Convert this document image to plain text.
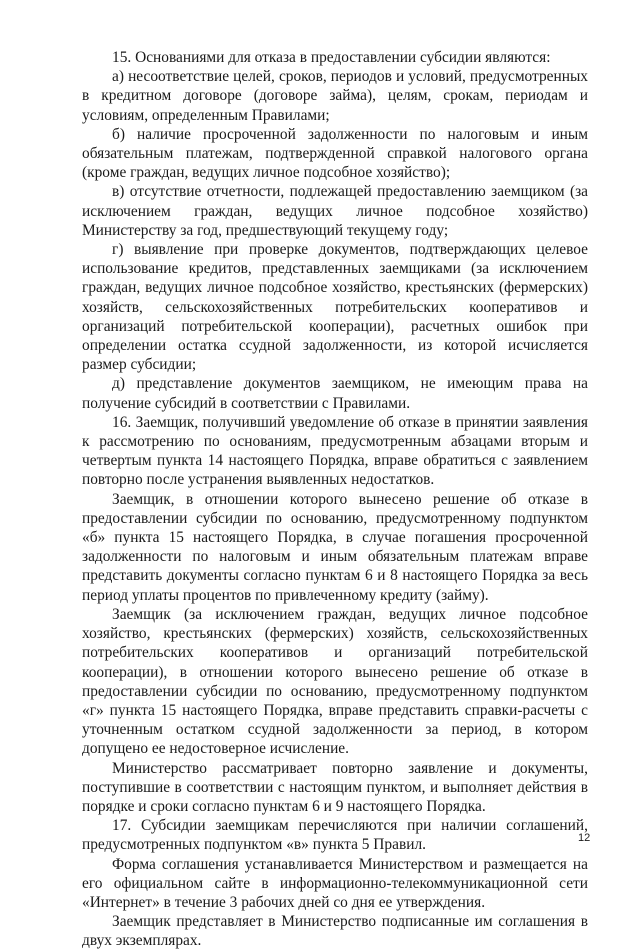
15. Основаниями для отказа в предоставлении субсидии являются:

а) несоответствие целей, сроков, периодов и условий, предусмотренных в кредитном договоре (договоре займа), целям, срокам, периодам и условиям, определенным Правилами;

б) наличие просроченной задолженности по налоговым и иным обязательным платежам, подтвержденной справкой налогового органа (кроме граждан, ведущих личное подсобное хозяйство);

в) отсутствие отчетности, подлежащей предоставлению заемщиком (за исключением граждан, ведущих личное подсобное хозяйство) Министерству за год, предшествующий текущему году;

г) выявление при проверке документов, подтверждающих целевое использование кредитов, представленных заемщиками (за исключением граждан, ведущих личное подсобное хозяйство, крестьянских (фермерских) хозяйств, сельскохозяйственных потребительских кооперативов и организаций потребительской кооперации), расчетных ошибок при определении остатка ссудной задолженности, из которой исчисляется размер субсидии;

д) представление документов заемщиком, не имеющим права на получение субсидий в соответствии с Правилами.

16. Заемщик, получивший уведомление об отказе в принятии заявления к рассмотрению по основаниям, предусмотренным абзацами вторым и четвертым пункта 14 настоящего Порядка, вправе обратиться с заявлением повторно после устранения выявленных недостатков.

Заемщик, в отношении которого вынесено решение об отказе в предоставлении субсидии по основанию, предусмотренному подпунктом «б» пункта 15 настоящего Порядка, в случае погашения просроченной задолженности по налоговым и иным обязательным платежам вправе представить документы согласно пунктам 6 и 8 настоящего Порядка за весь период уплаты процентов по привлеченному кредиту (займу).

Заемщик (за исключением граждан, ведущих личное подсобное хозяйство, крестьянских (фермерских) хозяйств, сельскохозяйственных потребительских кооперативов и организаций потребительской кооперации), в отношении которого вынесено решение об отказе в предоставлении субсидии по основанию, предусмотренному подпунктом «г» пункта 15 настоящего Порядка, вправе представить справки-расчеты с уточненным остатком ссудной задолженности за период, в котором допущено ее недостоверное исчисление.

Министерство рассматривает повторно заявление и документы, поступившие в соответствии с настоящим пунктом, и выполняет действия в порядке и сроки согласно пунктам 6 и 9 настоящего Порядка.

17. Субсидии заемщикам перечисляются при наличии соглашений, предусмотренных подпунктом «в» пункта 5 Правил.

Форма соглашения устанавливается Министерством и размещается на его официальном сайте в информационно-телекоммуникационной сети «Интернет» в течение 3 рабочих дней со дня ее утверждения.

Заемщик представляет в Министерство подписанные им соглашения в двух экземплярах.

12
